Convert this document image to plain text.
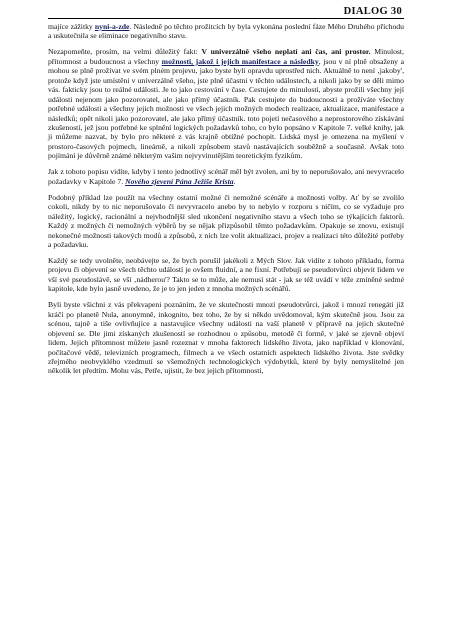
DIALOG 30

majíce zážitky nyni-a-zde. Následně po těchto prožitcích by byla vykonána poslední fáze Mého Druhého příchodu a uskutečnila se eliminace negativního stavu.

Nezapomeňte, prosím, na velmi důležitý fakt: V univerzálně všeho neplatí ani čas, ani prostor. Minulost, přítomnost a budoucnost a všechny možnosti, jakož i jejich manifestace a následky, jsou v ní plně obsaženy a mohou se plně prožívat ve svém plném projevu, jako byste byli opravdu uprostřed nich. Aktuálně to není ‚jakoby', protože když jste umístěni v univerzálně všeho, jste plně účastni v těchto událostech, a nikoli jako by se děli mimo vás. fakticky jsou to reálné události. Je to jako cestování v čase. Cestujete do minulosti, abyste prožili všechny její události nejenom jako pozorovatel, ale jako přímý účastník. Pak cestujete do budoucnosti a prožíváte všechny potřebné události a všechny jejich možnosti ve všech jejich možných modech realizace, aktualizace, manifestace a následků; opět nikoli jako pozorovatel, ale jako přímý účastník. toto pojetí nečasového a neprostorového získávání zkušeností, jež jsou potřebné ke splnění logických požadavků toho, co bylo popsáno v Kapitole 7. velké knihy, jak ji můžeme nazvat, by bylo pro některé z vás krajně obtížné pochopit. Lidská mysl je omezena na myšlení v prostoro-časových pojmech, lineárně, a nikoli způsobem stavů nastávajících souběžně a současně. Avšak toto pojímání je důvěrně známé některým vašim nejvyvinutějším teoretickým fyzikům.

Jak z tohoto popisu vidíte, kdyby i tento jednotlivý scénář měl být zvolen, ani by to neporušovalo, ani nevyvracelo požadavky v Kapitole 7. Nového zjevení Pána Ježíše Krista.

Podobný příklad lze použít na všechny ostatní možné či nemožné scénáře a možnosti volby. Ať by se zvolilo cokoli, nikdy by to nic neporušovalo či nevyvracelo anebo by to nebylo v rozporu s ničím, co se vyžaduje pro náležitý, logický, racionální a nejvhodnější sled ukončení negativního stavu a všech toho se týkajících faktorů. Každý z možných či nemožných výběrů by se nějak přizpůsobil těmto požadavkům. Opakuje se znovu, existují nekonečné možnosti takových modů a způsobů, z nich lze volit aktualizaci, projev a realizaci této důležité potřeby a požadavku.

Každý se tedy uvolněte, neobávejte se, že bych porušil jakékoli z Mých Slov. Jak vidíte z tohoto příkladu, forma projevu či objevení se všech těchto událostí je ovšem fluidní, a ne fixní. Potřebují se pseudotvůrci objevit lidem ve vší své pseudoslávě, se vší ‚nádherou'? Takto se to může, ale nemusí stát - jak se též uvádí v téže zmíněné sedmé kapitole, kde bylo jasně uvedeno, že je to jen jeden z mnoha možných scénářů.

Byli byste všichni z vás překvapeni poznáním, že ve skutečnosti mnozí pseudotvůrci, jakož i mnozí renegáti již kráčí po planetě Nula, anonymně, inkognito, bez toho, že by si někdo uvědomoval, kým skutečně jsou. Jsou za scénou, tajně a tiše ovlivňujíce a nastavujíce všechny události na vaší planetě v přípravě na jejich skutečné objevení se. Dle jimi získaných zkušeností se rozhodnou o způsobu, metodě či formě, v jaké se zjevně objeví lidem. Jejich přítomnost můžete jasně rozeznat v mnoha faktorech lidského života, jako například v klonování, počítačové vědě, televizních programech, filmech a ve všech ostatních aspektech lidského života. Jste svědky zřejmého neobvyklého vzedmutí se všemožných technologických výdobytků, které by byly nemyslitelné jen několik let předtím. Mohu vás, Petře, ujistit, že bez jejich přítomnosti,
